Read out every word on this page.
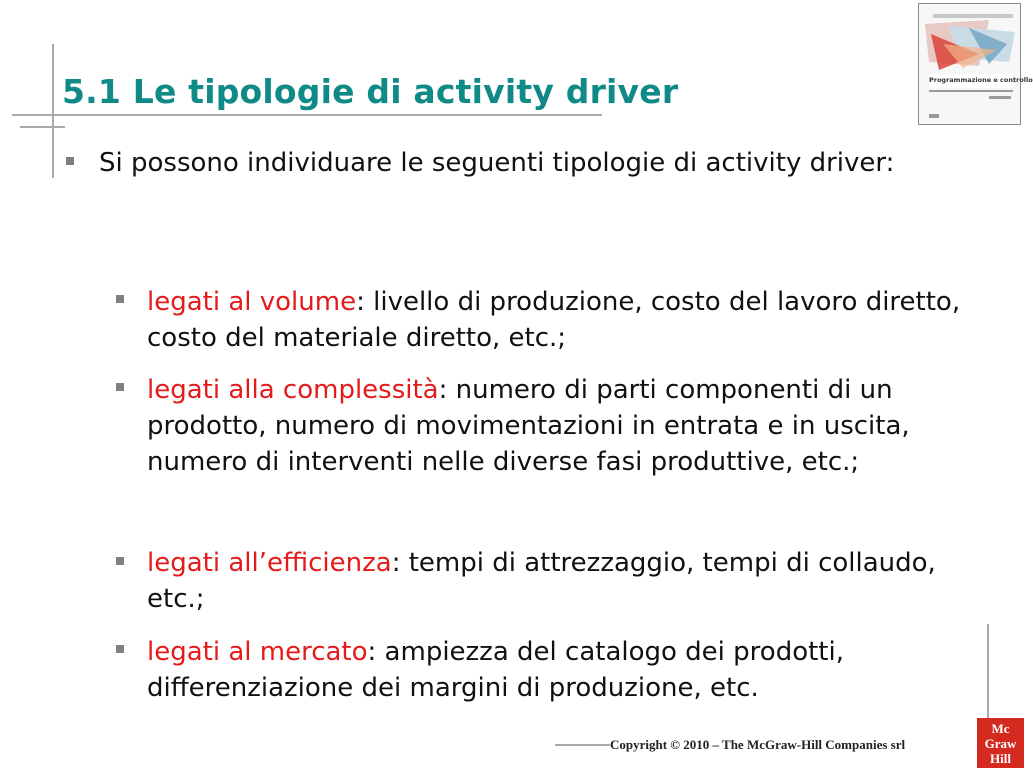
5.1 Le tipologie di activity driver	Programmazione e controllo
Si possono individuare le seguenti tipologie di activity driver:
legati al volume: livello di produzione, costo del lavoro diretto, costo del materiale diretto, etc.;
legati alla complessità: numero di parti componenti di un prodotto, numero di movimentazioni in entrata e in uscita, numero di interventi nelle diverse fasi produttive, etc.;
legati all’efficienza: tempi di attrezzaggio, tempi di collaudo, etc.;
legati al mercato: ampiezza del catalogo dei prodotti, differenziazione dei margini di produzione, etc.
Copyright © 2010 – The McGraw-Hill Companies srl
Mc
Graw
Hill
